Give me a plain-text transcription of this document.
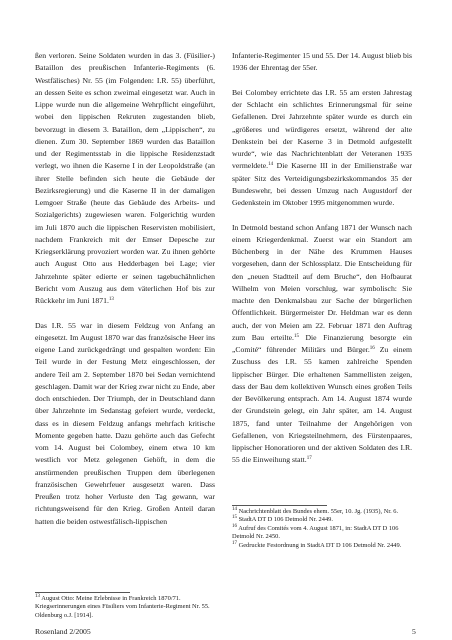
ßen verloren. Seine Soldaten wurden in das 3. (Füsilier-) Bataillon des preußischen Infanterie-Regiments (6. Westfälisches) Nr. 55 (im Folgenden: I.R. 55) überführt, an dessen Seite es schon zweimal eingesetzt war. Auch in Lippe wurde nun die allgemeine Wehrpflicht eingeführt, wobei den lippischen Rekruten zugestanden blieb, bevorzugt in diesem 3. Bataillon, dem „Lippischen“, zu dienen. Zum 30. September 1869 wurden das Bataillon und der Regimentsstab in die lippische Residenzstadt verlegt, wo ihnen die Kaserne I in der Leopoldstraße (an ihrer Stelle befinden sich heute die Gebäude der Bezirksregierung) und die Kaserne II in der damaligen Lemgoer Straße (heute das Gebäude des Arbeits- und Sozialgerichts) zugewiesen waren. Folgerichtig wurden im Juli 1870 auch die lippischen Reservisten mobilisiert, nachdem Frankreich mit der Emser Depesche zur Kriegserklärung provoziert worden war. Zu ihnen gehörte auch August Otto aus Hedderbagen bei Lage; vier Jahrzehnte später edierte er seinen tagebuchähnlichen Bericht vom Auszug aus dem väterlichen Hof bis zur Rückkehr im Juni 1871.13

Das I.R. 55 war in diesem Feldzug von Anfang an eingesetzt. Im August 1870 war das französische Heer ins eigene Land zurückgedrängt und gespalten worden: Ein Teil wurde in der Festung Metz eingeschlossen, der andere Teil am 2. September 1870 bei Sedan vernichtend geschlagen. Damit war der Krieg zwar nicht zu Ende, aber doch entschieden. Der Triumph, der in Deutschland dann über Jahrzehnte im Sedanstag gefeiert wurde, verdeckt, dass es in diesem Feldzug anfangs mehrfach kritische Momente gegeben hatte. Dazu gehörte auch das Gefecht vom 14. August bei Colombey, einem etwa 10 km westlich vor Metz gelegenen Gehöft, in dem die anstürmenden preußischen Truppen dem überlegenen französischen Gewehrfeuer ausgesetzt waren. Dass Preußen trotz hoher Verluste den Tag gewann, war richtungsweisend für den Krieg. Großen Anteil daran hatten die beiden ostwestfälisch-lippischen

Infanterie-Regimenter 15 und 55. Der 14. August blieb bis 1936 der Ehrentag der 55er.

Bei Colombey errichtete das I.R. 55 am ersten Jahrestag der Schlacht ein schlichtes Erinnerungsmal für seine Gefallenen. Drei Jahrzehnte später wurde es durch ein „größeres und würdigeres ersetzt, während der alte Denkstein bei der Kaserne 3 in Detmold aufgestellt wurde“, wie das Nachrichtenblatt der Veteranen 1935 vermeldete.$^{14}$ Die Kaserne III in der Emilienstraße war später Sitz des Verteidigungsbezirkskommandos 35 der Bundeswehr, bei dessen Umzug nach Augustdorf der Gedenkstein im Oktober 1995 mitgenommen wurde.

In Detmold bestand schon Anfang 1871 der Wunsch nach einem Kriegerdenkmal. Zuerst war ein Standort am Büchenberg in der Nähe des Krummen Hauses vorgesehen, dann der Schlossplatz. Die Entscheidung für den „neuen Stadtteil auf dem Bruche“, den Hofbaurat Wilhelm von Meien vorschlug, war symbolisch: Sie machte den Denkmalsbau zur Sache der bürgerlichen Öffentlichkeit. Bürgermeister Dr. Heldman war es denn auch, der von Meien am 22. Februar 1871 den Auftrag zum Bau erteilte.$^{15}$ Die Finanzierung besorgte ein „Comité“ führender Militärs und Bürger.$^{16}$ Zu einem Zuschuss des I.R. 55 kamen zahlreiche Spenden lippischer Bürger. Die erhaltenen Sammellisten zeigen, dass der Bau dem kollektiven Wunsch eines großen Teils der Bevölkerung entsprach. Am 14. August 1874 wurde der Grundstein gelegt, ein Jahr später, am 14. August 1875, fand unter Teilnahme der Angehörigen von Gefallenen, von Kriegsteilnehmern, des Fürstenpaares, lippischer Honoratioren und der aktiven Soldaten des I.R. 55 die Einweihung statt.$^{17}$

$^{13}$ August Otto: Meine Erlebnisse in Frankreich 1870/71. Kriegserinnerungen eines Füsiliers vom Infanterie-Regiment Nr. 55. Oldenburg o.J. [1914].

$^{14}$ Nachrichtenblatt des Bundes ehem. 55er, 10. Jg. (1935), Nr. 6.

$^{15}$ StadtA DT D 106 Detmold Nr. 2449.

$^{16}$ Aufruf des Comités vom 4. August 1871, in: StadtA DT D 106 Detmold Nr. 2450.

$^{17}$ Gedruckte Festordnung in StadtA DT D 106 Detmold Nr. 2449.

Rosenland 2/2005	5
